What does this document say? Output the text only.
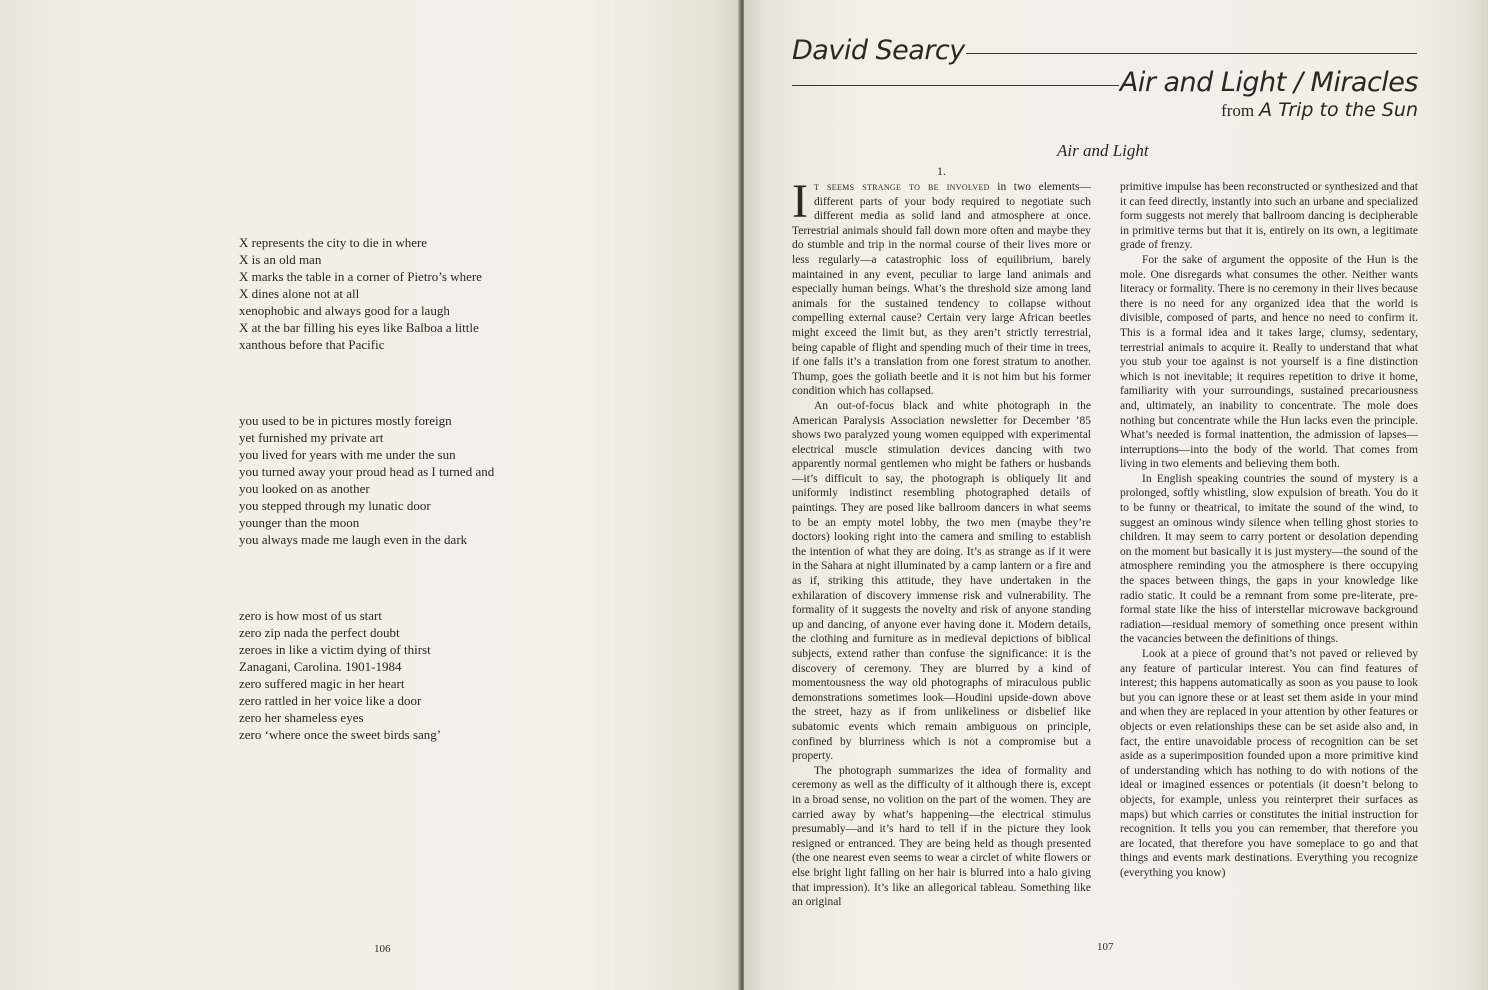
X represents the city to die in where
X is an old man
X marks the table in a corner of Pietro’s where
X dines alone not at all
xenophobic and always good for a laugh
X at the bar filling his eyes like Balboa a little
xanthous before that Pacific
you used to be in pictures mostly foreign
yet furnished my private art
you lived for years with me under the sun
you turned away your proud head as I turned and
you looked on as another
you stepped through my lunatic door
younger than the moon
you always made me laugh even in the dark
zero is how most of us start
zero zip nada the perfect doubt
zeroes in like a victim dying of thirst
Zanagani, Carolina. 1901-1984
zero suffered magic in her heart
zero rattled in her voice like a door
zero her shameless eyes
zero ‘where once the sweet birds sang’
106
David Searcy
Air and Light / Miracles
from A Trip to the Sun
Air and Light
1.

It seems strange to be involved in two elements—different parts of your body required to negotiate such different media as solid land and atmosphere at once. Terrestrial animals should fall down more often and maybe they do stumble and trip in the normal course of their lives more or less regularly—a catastrophic loss of equilibrium, barely maintained in any event, peculiar to large land animals and especially human beings. What’s the threshold size among land animals for the sustained tendency to collapse without compelling external cause? Certain very large African beetles might exceed the limit but, as they aren’t strictly terrestrial, being capable of flight and spending much of their time in trees, if one falls it’s a translation from one forest stratum to another. Thump, goes the goliath beetle and it is not him but his former condition which has collapsed.

An out-of-focus black and white photograph in the American Paralysis Association newsletter for December ’85 shows two paralyzed young women equipped with experimental electrical muscle stimulation devices dancing with two apparently normal gentlemen who might be fathers or husbands—it’s difficult to say, the photograph is obliquely lit and uniformly indistinct resembling photographed details of paintings. They are posed like ballroom dancers in what seems to be an empty motel lobby, the two men (maybe they’re doctors) looking right into the camera and smiling to establish the intention of what they are doing. It’s as strange as if it were in the Sahara at night illuminated by a camp lantern or a fire and as if, striking this attitude, they have undertaken in the exhilaration of discovery immense risk and vulnerability. The formality of it suggests the novelty and risk of anyone standing up and dancing, of anyone ever having done it. Modern details, the clothing and furniture as in medieval depictions of biblical subjects, extend rather than confuse the significance: it is the discovery of ceremony. They are blurred by a kind of momentousness the way old photographs of miraculous public demonstrations sometimes look—Houdini upside-down above the street, hazy as if from unlikeliness or disbelief like subatomic events which remain ambiguous on principle, confined by blurriness which is not a compromise but a property.

The photograph summarizes the idea of formality and ceremony as well as the difficulty of it although there is, except in a broad sense, no volition on the part of the women. They are carried away by what’s happening—the electrical stimulus presumably—and it’s hard to tell if in the picture they look resigned or entranced. They are being held as though presented (the one nearest even seems to wear a circlet of white flowers or else bright light falling on her hair is blurred into a halo giving that impression). It’s like an allegorical tableau. Something like an original

primitive impulse has been reconstructed or synthesized and that it can feed directly, instantly into such an urbane and specialized form suggests not merely that ballroom dancing is decipherable in primitive terms but that it is, entirely on its own, a legitimate grade of frenzy.

For the sake of argument the opposite of the Hun is the mole. One disregards what consumes the other. Neither wants literacy or formality. There is no ceremony in their lives because there is no need for any organized idea that the world is divisible, composed of parts, and hence no need to confirm it. This is a formal idea and it takes large, clumsy, sedentary, terrestrial animals to acquire it. Really to understand that what you stub your toe against is not yourself is a fine distinction which is not inevitable; it requires repetition to drive it home, familiarity with your surroundings, sustained precariousness and, ultimately, an inability to concentrate. The mole does nothing but concentrate while the Hun lacks even the principle. What’s needed is formal inattention, the admission of lapses—interruptions—into the body of the world. That comes from living in two elements and believing them both.

In English speaking countries the sound of mystery is a prolonged, softly whistling, slow expulsion of breath. You do it to be funny or theatrical, to imitate the sound of the wind, to suggest an ominous windy silence when telling ghost stories to children. It may seem to carry portent or desolation depending on the moment but basically it is just mystery—the sound of the atmosphere reminding you the atmosphere is there occupying the spaces between things, the gaps in your knowledge like radio static. It could be a remnant from some pre-literate, pre-formal state like the hiss of interstellar microwave background radiation—residual memory of something once present within the vacancies between the definitions of things.

Look at a piece of ground that’s not paved or relieved by any feature of particular interest. You can find features of interest; this happens automatically as soon as you pause to look but you can ignore these or at least set them aside in your mind and when they are replaced in your attention by other features or objects or even relationships these can be set aside also and, in fact, the entire unavoidable process of recognition can be set aside as a superimposition founded upon a more primitive kind of understanding which has nothing to do with notions of the ideal or imagined essences or potentials (it doesn’t belong to objects, for example, unless you reinterpret their surfaces as maps) but which carries or constitutes the initial instruction for recognition. It tells you you can remember, that therefore you are located, that therefore you have someplace to go and that things and events mark destinations. Everything you recognize (everything you know)

107
